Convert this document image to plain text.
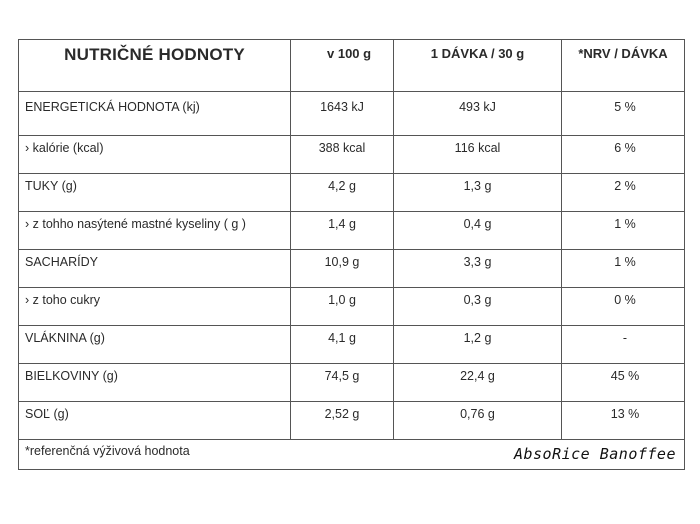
NUTRIČNÉ HODNOTY	v 100 g	1 DÁVKA / 30 g	*NRV / DÁVKA
ENERGETICKÁ HODNOTA (kj)	1643 kJ	493 kJ	5 %
› kalórie (kcal)	388 kcal	116 kcal	6 %
TUKY (g)	4,2 g	1,3 g	2 %
› z tohho nasýtené mastné kyseliny ( g )	1,4 g	0,4 g	1 %
SACHARÍDY	10,9 g	3,3 g	1 %
› z toho cukry	1,0 g	0,3 g	0 %
VLÁKNINA (g)	4,1 g	1,2 g	-
BIELKOVINY (g)	74,5 g	22,4 g	45 %
SOĽ (g)	2,52 g	0,76 g	13 %
*referenčná výživová hodnota AbsoRice Banoffee			
